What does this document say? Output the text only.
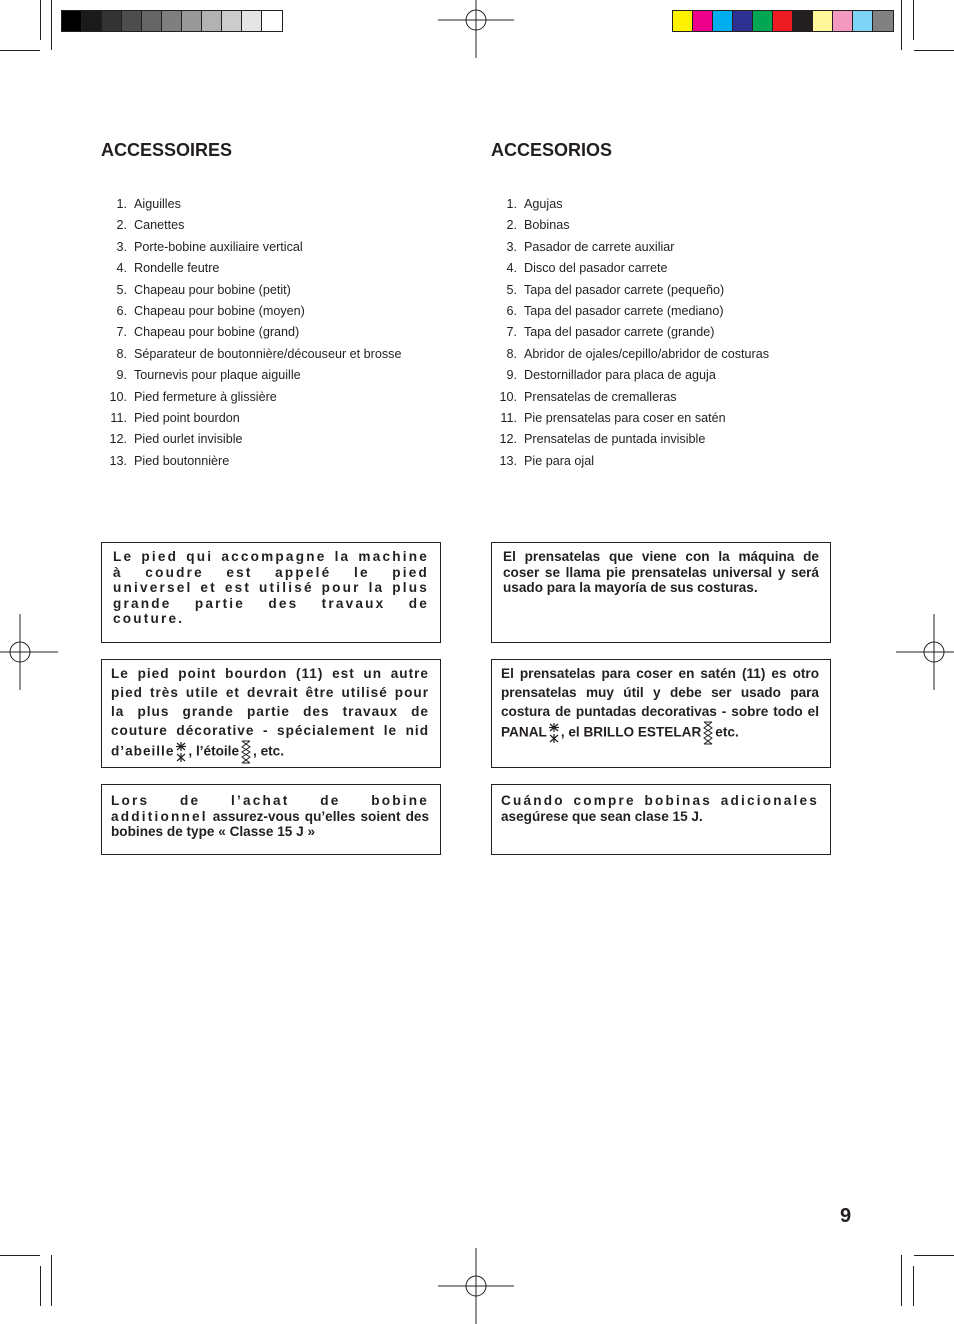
ACCESSOIRES
1. Aiguilles
2. Canettes
3. Porte-bobine auxiliaire vertical
4. Rondelle feutre
5. Chapeau pour bobine (petit)
6. Chapeau pour bobine (moyen)
7. Chapeau pour bobine (grand)
8. Séparateur de boutonnière/découseur et brosse
9. Tournevis pour plaque aiguille
10. Pied fermeture à glissière
11. Pied point bourdon
12. Pied ourlet invisible
13. Pied boutonnière

Le pied qui accompagne la machine à coudre est appelé le pied universel et est utilisé pour la plus grande partie des travaux de couture.

Le pied point bourdon (11) est un autre pied très utile et devrait être utilisé pour la plus grande partie des travaux de couture décorative - spécialement le nid d’abeille , l’étoile , etc.

Lors de l’achat de bobine additionnel assurez-vous qu’elles soient des bobines de type « Classe 15 J »

ACCESORIOS
1. Agujas
2. Bobinas
3. Pasador de carrete auxiliar
4. Disco del pasador carrete
5. Tapa del pasador carrete (pequeño)
6. Tapa del pasador carrete (mediano)
7. Tapa del pasador carrete (grande)
8. Abridor de ojales/cepillo/abridor de costuras
9. Destornillador para placa de aguja
10. Prensatelas de cremalleras
11. Pie prensatelas para coser en satén
12. Prensatelas de puntada invisible
13. Pie para ojal

El prensatelas que viene con la máquina de coser se llama pie prensatelas universal y será usado para la mayoría de sus costuras.

El prensatelas para coser en satén (11) es otro prensatelas muy útil y debe ser usado para costura de puntadas decorativas - sobre todo el PANAL , el BRILLO ESTELAR etc.

Cuándo compre bobinas adicionales asegúrese que sean clase 15 J.

9
